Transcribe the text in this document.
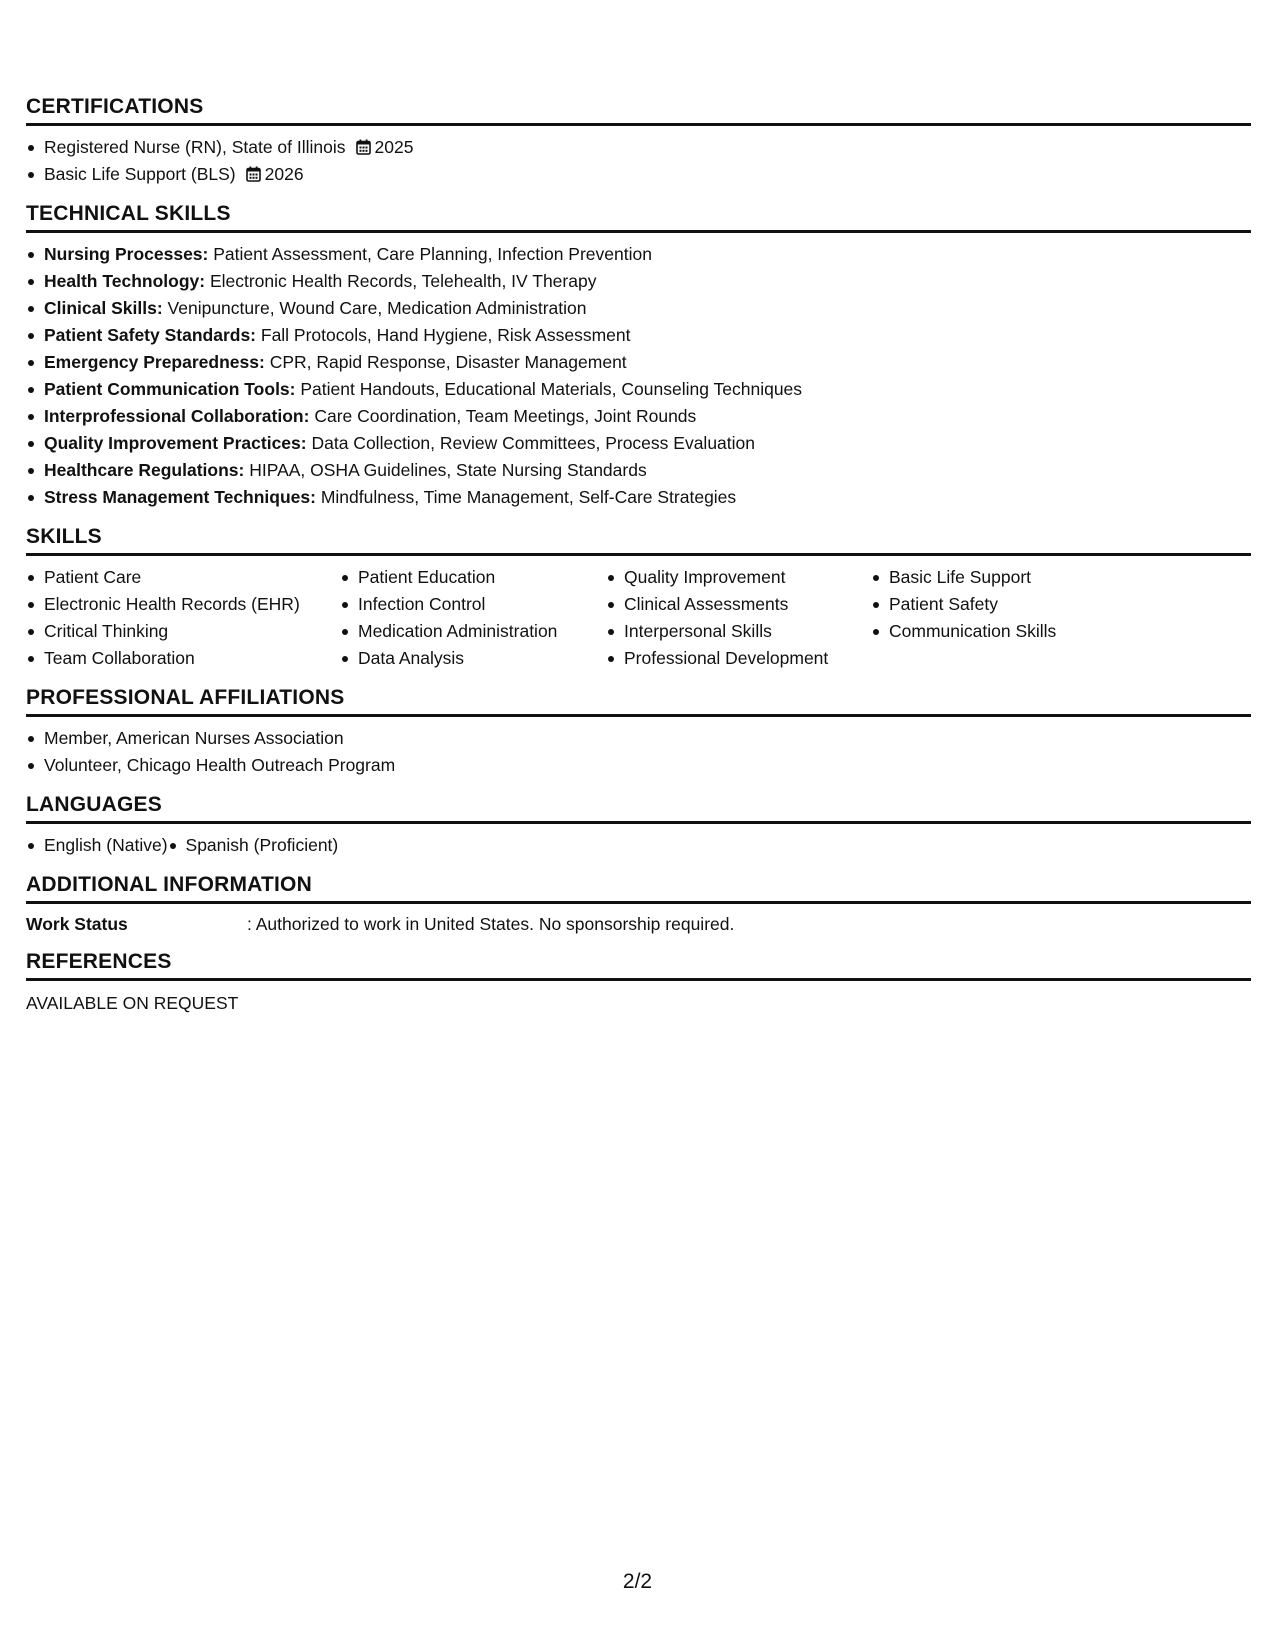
CERTIFICATIONS
Registered Nurse (RN), State of Illinois 2025
Basic Life Support (BLS) 2026
TECHNICAL SKILLS
Nursing Processes: Patient Assessment, Care Planning, Infection Prevention
Health Technology: Electronic Health Records, Telehealth, IV Therapy
Clinical Skills: Venipuncture, Wound Care, Medication Administration
Patient Safety Standards: Fall Protocols, Hand Hygiene, Risk Assessment
Emergency Preparedness: CPR, Rapid Response, Disaster Management
Patient Communication Tools: Patient Handouts, Educational Materials, Counseling Techniques
Interprofessional Collaboration: Care Coordination, Team Meetings, Joint Rounds
Quality Improvement Practices: Data Collection, Review Committees, Process Evaluation
Healthcare Regulations: HIPAA, OSHA Guidelines, State Nursing Standards
Stress Management Techniques: Mindfulness, Time Management, Self-Care Strategies
SKILLS
Patient Care
Electronic Health Records (EHR)
Critical Thinking
Team Collaboration
Patient Education
Infection Control
Medication Administration
Data Analysis
Quality Improvement
Clinical Assessments
Interpersonal Skills
Professional Development
Basic Life Support
Patient Safety
Communication Skills
PROFESSIONAL AFFILIATIONS
Member, American Nurses Association
Volunteer, Chicago Health Outreach Program
LANGUAGES
English (Native)	Spanish (Proficient)
ADDITIONAL INFORMATION
Work Status	: Authorized to work in United States. No sponsorship required.
REFERENCES
AVAILABLE ON REQUEST
2/2
